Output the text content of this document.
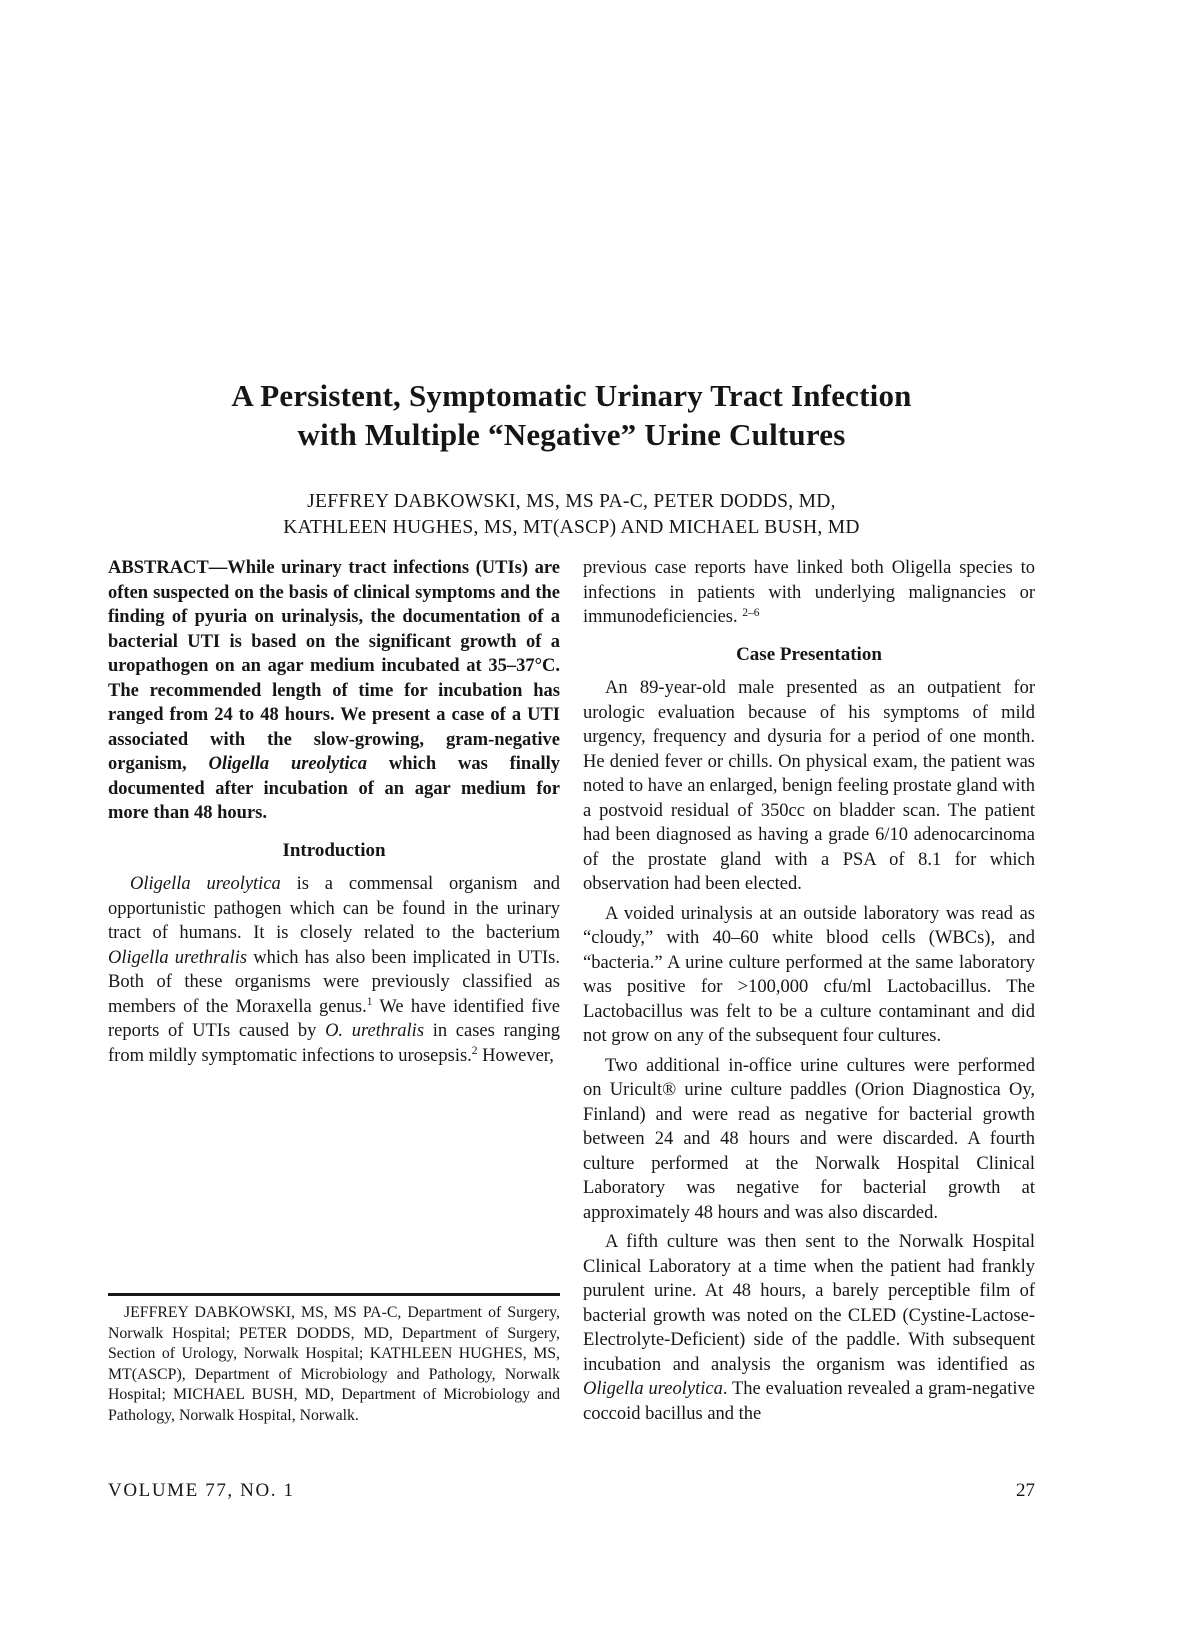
A Persistent, Symptomatic Urinary Tract Infection
with Multiple “Negative” Urine Cultures
JEFFREY DABKOWSKI, MS, MS PA-C, PETER DODDS, MD,
KATHLEEN HUGHES, MS, MT(ASCP) AND MICHAEL BUSH, MD

ABSTRACT—While urinary tract infections (UTIs) are often suspected on the basis of clinical symptoms and the finding of pyuria on urinalysis, the documentation of a bacterial UTI is based on the significant growth of a uropathogen on an agar medium incubated at 35–37°C. The recommended length of time for incubation has ranged from 24 to 48 hours. We present a case of a UTI associated with the slow-growing, gram-negative organism, Oligella ureolytica which was finally documented after incubation of an agar medium for more than 48 hours.

Introduction

Oligella ureolytica is a commensal organism and opportunistic pathogen which can be found in the urinary tract of humans. It is closely related to the bacterium Oligella urethralis which has also been implicated in UTIs. Both of these organisms were previously classified as members of the Moraxella genus.$^1$ We have identified five reports of UTIs caused by O. urethralis in cases ranging from mildly symptomatic infections to urosepsis.$^2$ However,

previous case reports have linked both Oligella species to infections in patients with underlying malignancies or immunodeficiencies. $^{2-6}$

Case Presentation

An 89-year-old male presented as an outpatient for urologic evaluation because of his symptoms of mild urgency, frequency and dysuria for a period of one month. He denied fever or chills. On physical exam, the patient was noted to have an enlarged, benign feeling prostate gland with a postvoid residual of 350cc on bladder scan. The patient had been diagnosed as having a grade 6/10 adenocarcinoma of the prostate gland with a PSA of 8.1 for which observation had been elected.

A voided urinalysis at an outside laboratory was read as “cloudy,” with 40–60 white blood cells (WBCs), and “bacteria.” A urine culture performed at the same laboratory was positive for >100,000 cfu/ml Lactobacillus. The Lactobacillus was felt to be a culture contaminant and did not grow on any of the subsequent four cultures.

Two additional in-office urine cultures were performed on Uricult® urine culture paddles (Orion Diagnostica Oy, Finland) and were read as negative for bacterial growth between 24 and 48 hours and were discarded. A fourth culture performed at the Norwalk Hospital Clinical Laboratory was negative for bacterial growth at approximately 48 hours and was also discarded.

A fifth culture was then sent to the Norwalk Hospital Clinical Laboratory at a time when the patient had frankly purulent urine. At 48 hours, a barely perceptible film of bacterial growth was noted on the CLED (Cystine-Lactose-Electrolyte-Deficient) side of the paddle. With subsequent incubation and analysis the organism was identified as Oligella ureolytica. The evaluation revealed a gram-negative coccoid bacillus and the

JEFFREY DABKOWSKI, MS, MS PA-C, Department of Surgery, Norwalk Hospital; PETER DODDS, MD, Department of Surgery, Section of Urology, Norwalk Hospital; KATHLEEN HUGHES, MS, MT(ASCP), Department of Microbiology and Pathology, Norwalk Hospital; MICHAEL BUSH, MD, Department of Microbiology and Pathology, Norwalk Hospital, Norwalk.
VOLUME 77, NO. 1	27
